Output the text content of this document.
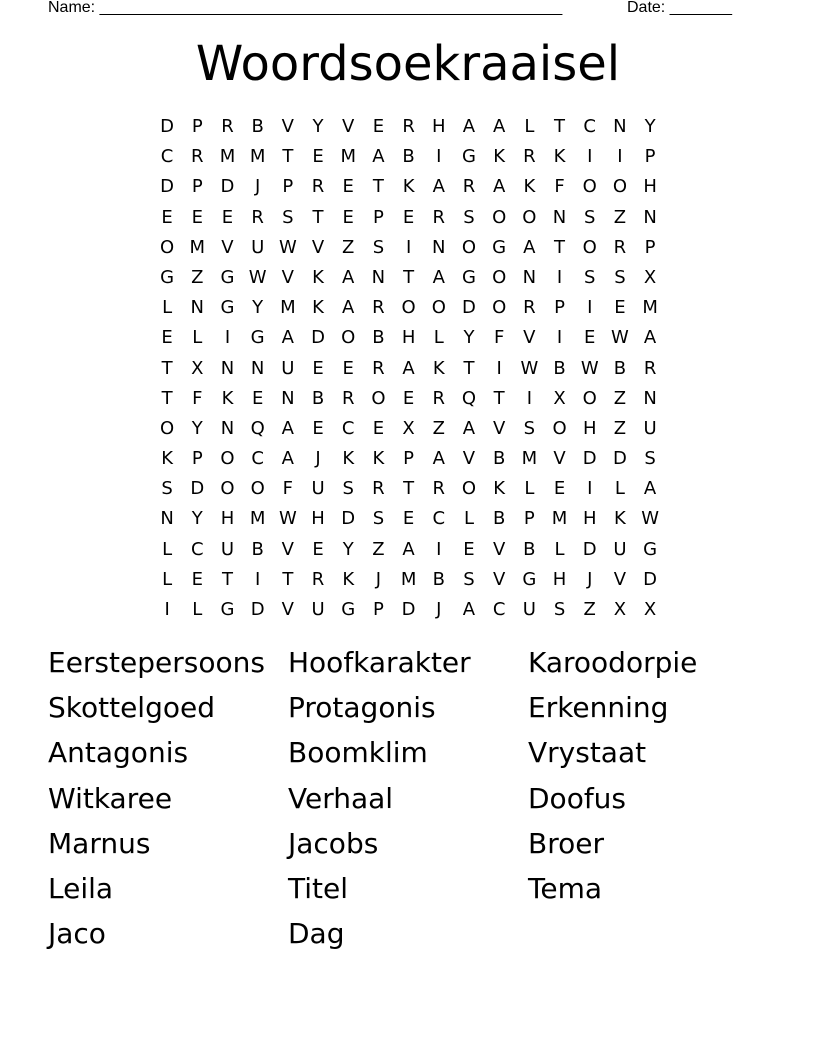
Name: ____________________________________________________	Date: _______
Woordsoekraaisel
D P	R B V	Y	V	E	R H A A	L	T	C N Y
C R M M T	E M A B	I	G K	R	K	I	I	P
D P D	J	P	R	E	T	K	A R A	K	F O O H
E	E	E	R	S	T	E	P	E	R	S O O N S	Z N
O M V U W V Z	S	I	N O G A	T O R	P
G Z G W V	K	A N T	A G O N	I	S	S	X
L	N G Y M K	A R O O D O R	P	I	E M
E	L	I	G A D O B H	L	Y	F	V	I	E W A
T	X N N U E	E	R A	K	T	I	W B W B R
T	F	K	E N B R O E	R Q T	I	X O Z N
O Y N Q A	E	C	E	X Z A V	S O H Z U
K	P O C A	J	K	K	P	A V B M V D D S
S D O O F	U S	R	T	R O K	L	E	I	L	A
N Y H M W H D S	E	C	L	B	P M H K W
L	C U B V	E	Y	Z A	I	E	V B	L	D U G
L	E	T	I	T	R	K	J	M B	S	V G H	J	V D
I	L	G D V U G P D	J	A C U S	Z X X
Eerstepersoons Hoofkarakter	Karoodorpie
Skottelgoed	Protagonis	Erkenning
Antagonis	Boomklim	Vrystaat
Witkaree	Verhaal	Doofus
Marnus	Jacobs	Broer
Leila	Titel	Tema
Jaco	Dag
